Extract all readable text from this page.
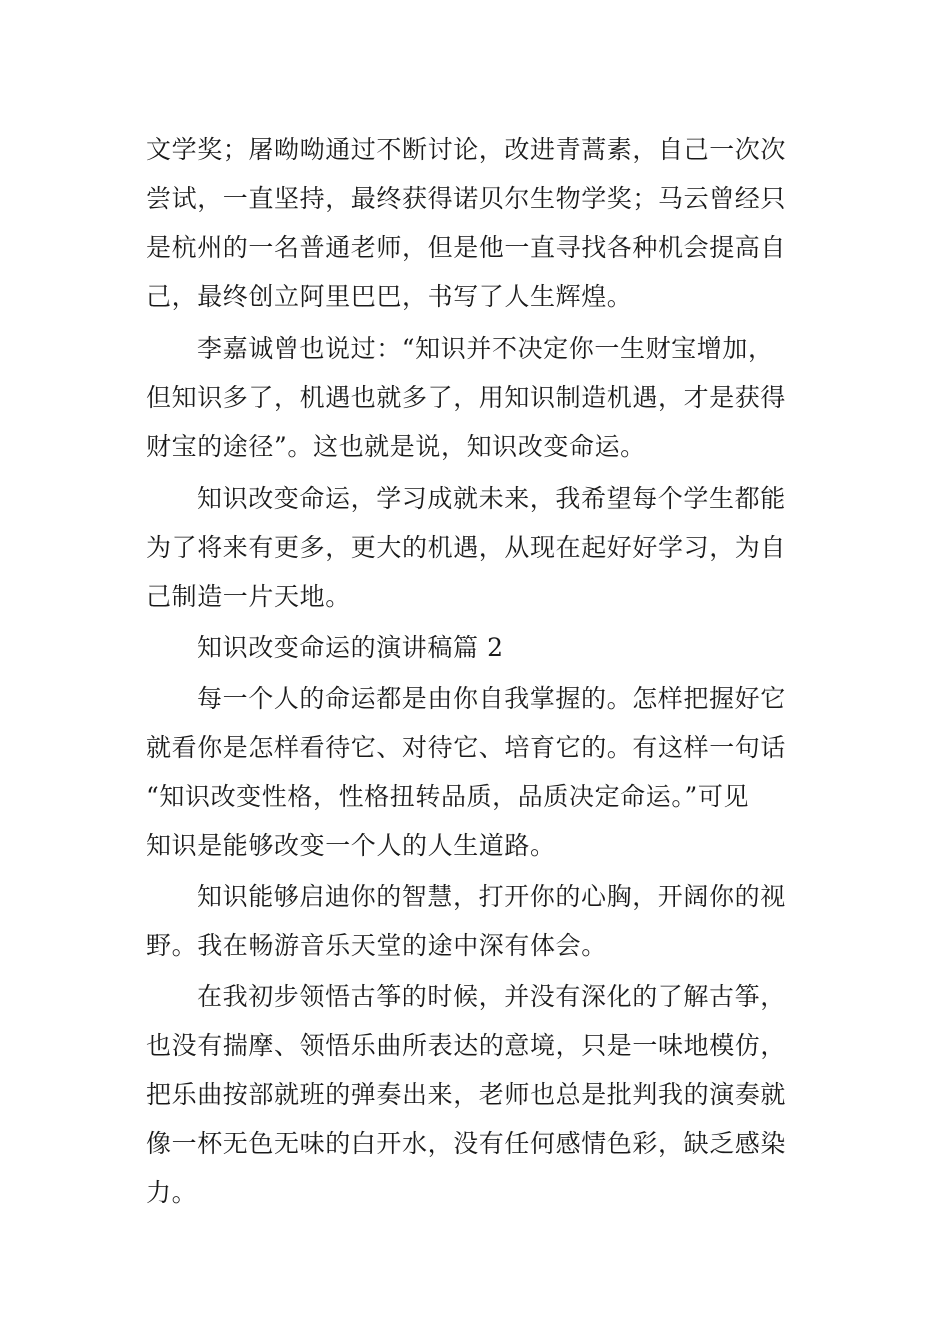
文学奖；屠呦呦通过不断讨论，改进青蒿素，自己一次次
尝试，一直坚持，最终获得诺贝尔生物学奖；马云曾经只
是杭州的一名普通老师，但是他一直寻找各种机会提高自
己，最终创立阿里巴巴，书写了人生辉煌。
李嘉诚曾也说过：“知识并不决定你一生财宝增加，
但知识多了，机遇也就多了，用知识制造机遇，才是获得
财宝的途径”。这也就是说，知识改变命运。
知识改变命运，学习成就未来，我希望每个学生都能
为了将来有更多，更大的机遇，从现在起好好学习，为自
己制造一片天地。
知识改变命运的演讲稿篇 2
每一个人的命运都是由你自我掌握的。怎样把握好它
就看你是怎样看待它、对待它、培育它的。有这样一句话
“知识改变性格，性格扭转品质，品质决定命运。”可见
知识是能够改变一个人的人生道路。
知识能够启迪你的智慧，打开你的心胸，开阔你的视
野。我在畅游音乐天堂的途中深有体会。
在我初步领悟古筝的时候，并没有深化的了解古筝，
也没有揣摩、领悟乐曲所表达的意境，只是一味地模仿，
把乐曲按部就班的弹奏出来，老师也总是批判我的演奏就
像一杯无色无味的白开水，没有任何感情色彩，缺乏感染
力。
